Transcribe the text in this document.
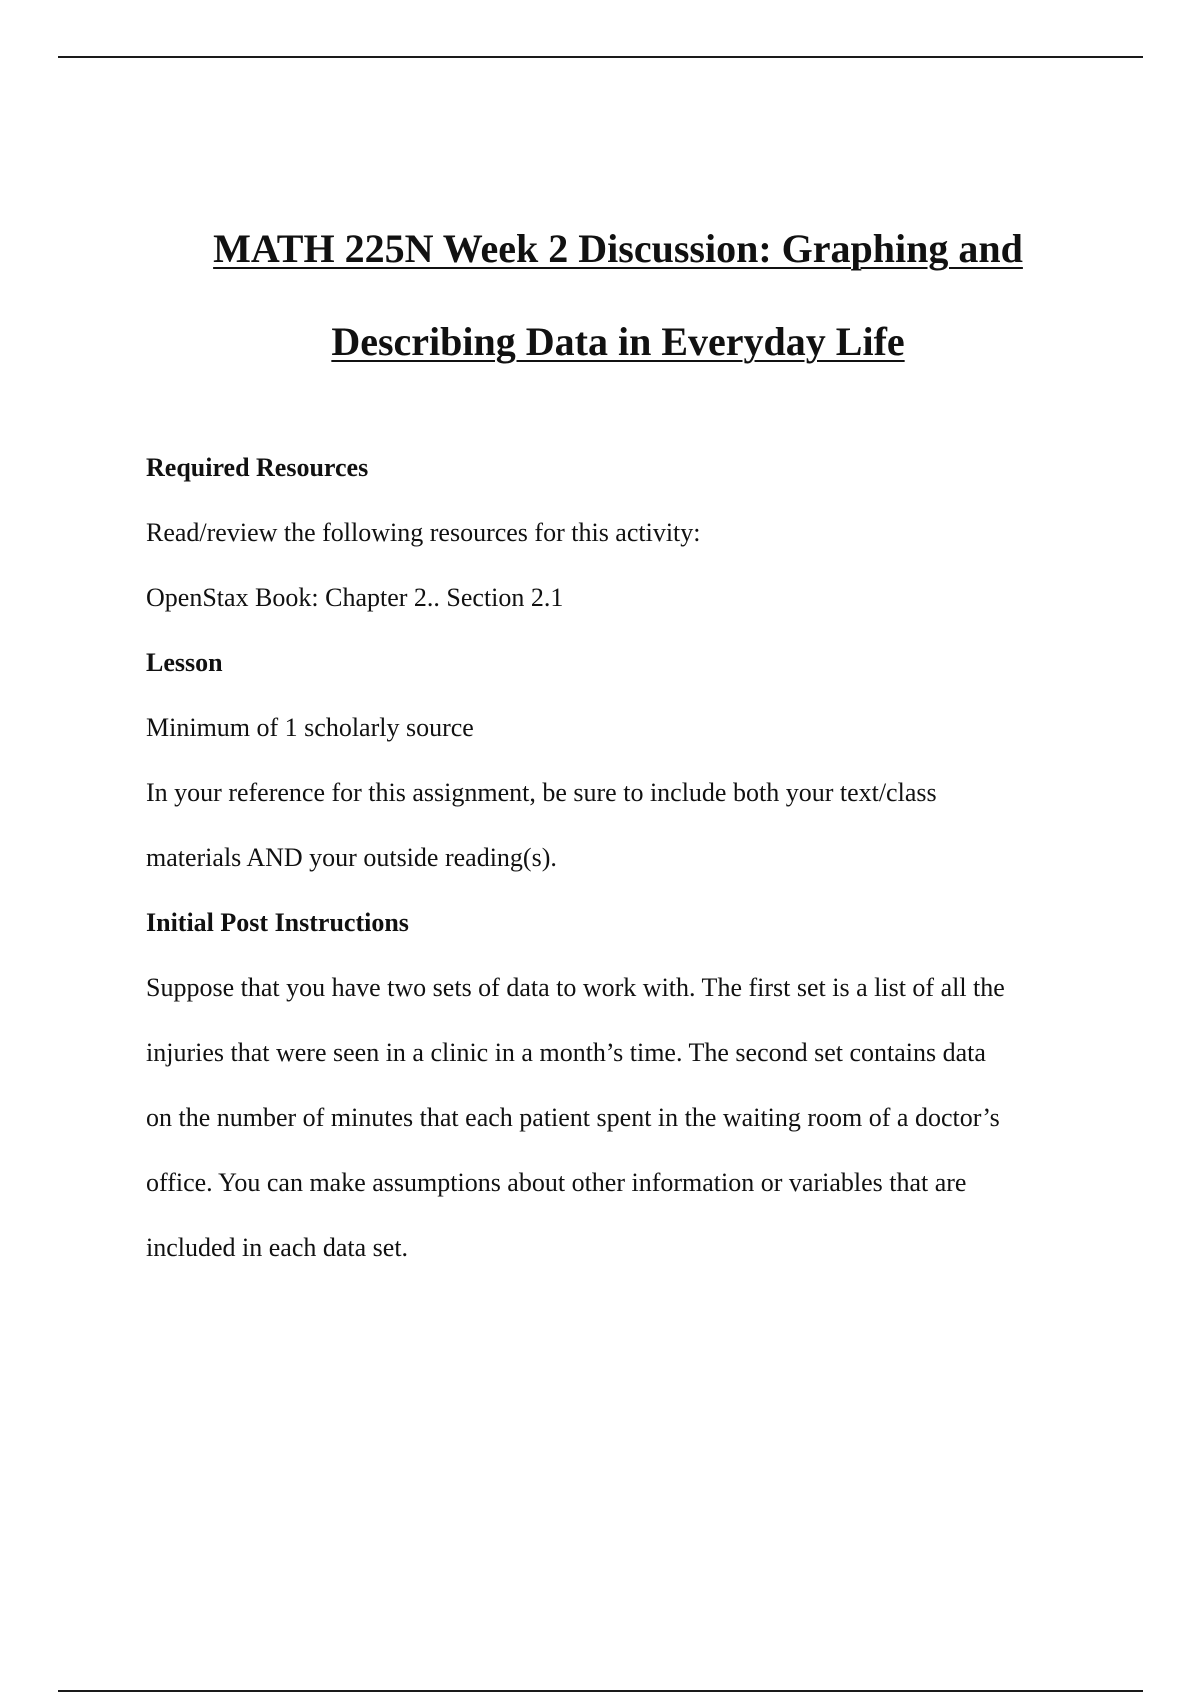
MATH 225N Week 2 Discussion: Graphing and
Describing Data in Everyday Life
Required Resources
Read/review the following resources for this activity:
OpenStax Book: Chapter 2.. Section 2.1
Lesson
Minimum of 1 scholarly source
In your reference for this assignment, be sure to include both your text/class
materials AND your outside reading(s).
Initial Post Instructions
Suppose that you have two sets of data to work with. The first set is a list of all the
injuries that were seen in a clinic in a month’s time. The second set contains data
on the number of minutes that each patient spent in the waiting room of a doctor’s
office. You can make assumptions about other information or variables that are
included in each data set.
